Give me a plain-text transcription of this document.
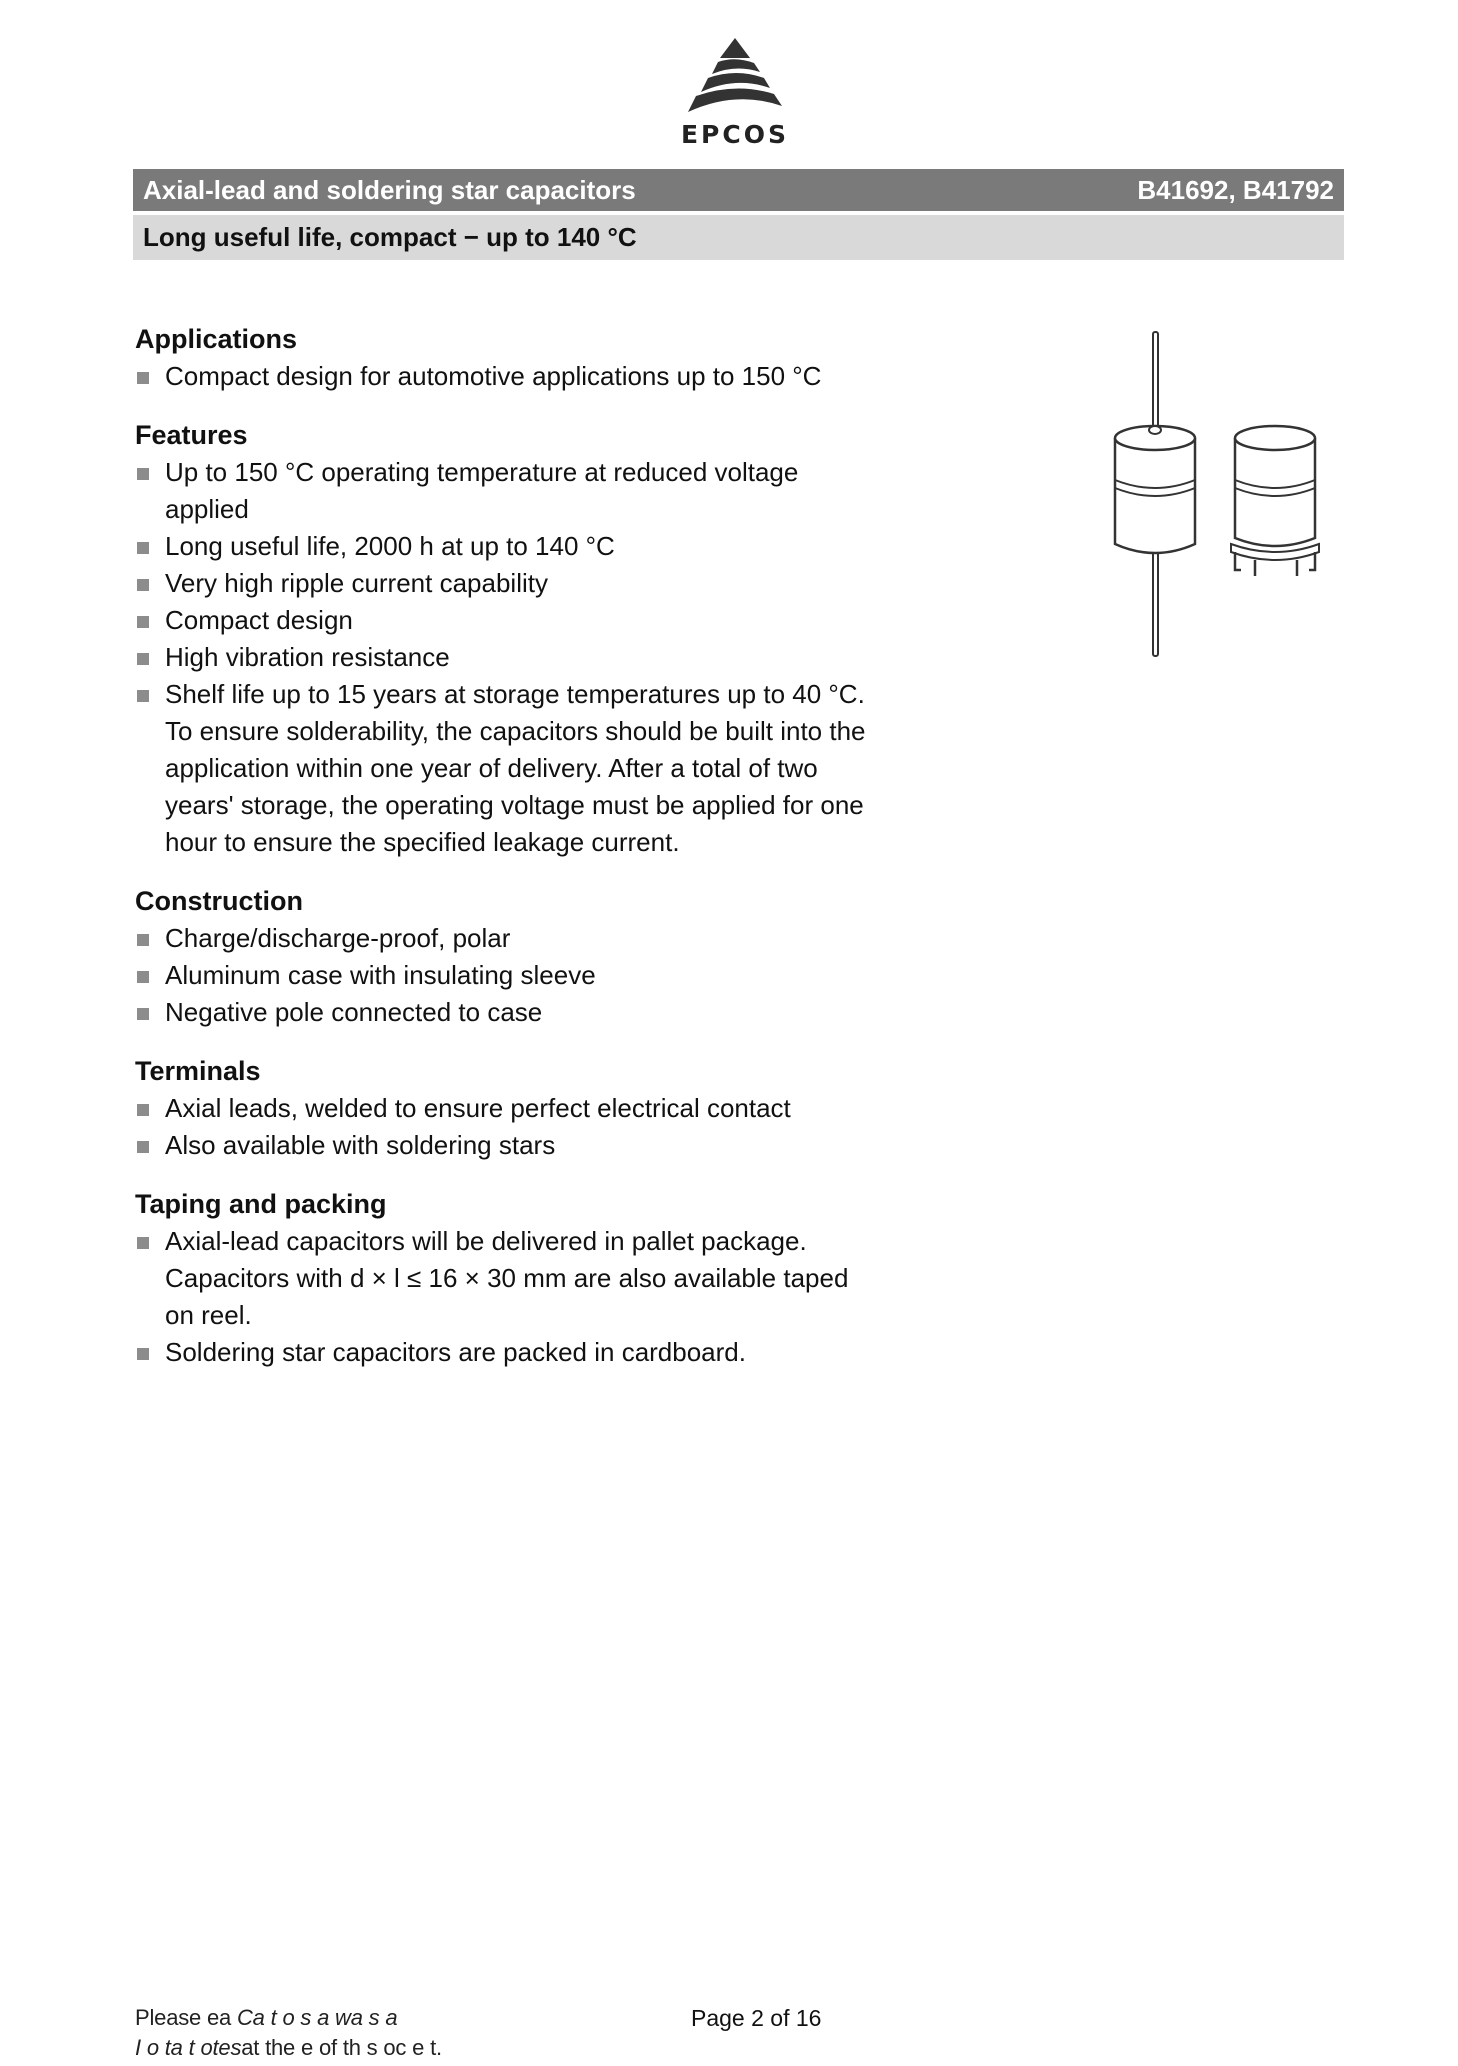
EPCOS
Axial-lead and soldering star capacitors	B41692, B41792
Long useful life, compact − up to 140 °C
Applications
Compact design for automotive applications up to 150 °C
Features
Up to 150 °C operating temperature at reduced voltage
applied
Long useful life, 2000 h at up to 140 °C
Very high ripple current capability
Compact design
High vibration resistance
Shelf life up to 15 years at storage temperatures up to 40 °C.
To ensure solderability, the capacitors should be built into the
application within one year of delivery. After a total of two
years' storage, the operating voltage must be applied for one
hour to ensure the specified leakage current.
Construction
Charge/discharge-proof, polar
Aluminum case with insulating sleeve
Negative pole connected to case
Terminals
Axial leads, welded to ensure perfect electrical contact
Also available with soldering stars
Taping and packing
Axial-lead capacitors will be delivered in pallet package.
Capacitors with d × l ≤ 16 × 30 mm are also available taped
on reel.
Soldering star capacitors are packed in cardboard.
Please ea Ca t o s a wa s a
I o ta t otesat the e of th s oc e t.
Page 2 of 16
